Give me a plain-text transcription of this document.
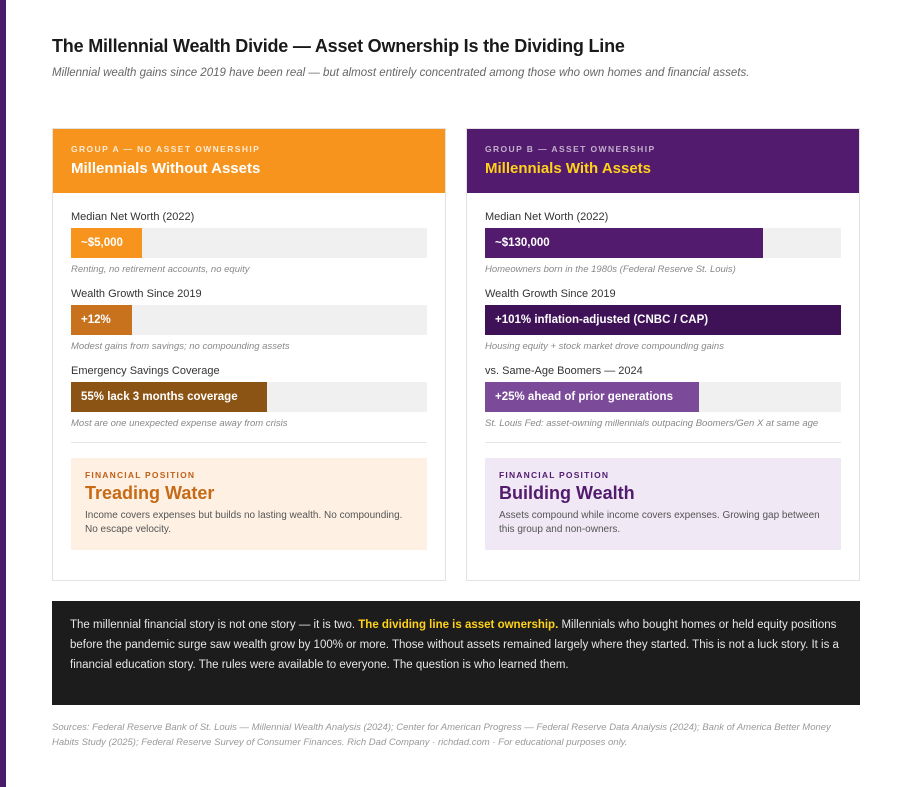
The Millennial Wealth Divide — Asset Ownership Is the Dividing Line
Millennial wealth gains since 2019 have been real — but almost entirely concentrated among those who own homes and financial assets.
GROUP A — NO ASSET OWNERSHIP
Millennials Without Assets
Median Net Worth (2022)
~$5,000
Renting, no retirement accounts, no equity
Wealth Growth Since 2019
+12%
Modest gains from savings; no compounding assets
Emergency Savings Coverage
55% lack 3 months coverage
Most are one unexpected expense away from crisis
FINANCIAL POSITION
Treading Water
Income covers expenses but builds no lasting wealth. No compounding. No escape velocity.
GROUP B — ASSET OWNERSHIP
Millennials With Assets
Median Net Worth (2022)
~$130,000
Homeowners born in the 1980s (Federal Reserve St. Louis)
Wealth Growth Since 2019
+101% inflation-adjusted (CNBC / CAP)
Housing equity + stock market drove compounding gains
vs. Same-Age Boomers — 2024
+25% ahead of prior generations
St. Louis Fed: asset-owning millennials outpacing Boomers/Gen X at same age
FINANCIAL POSITION
Building Wealth
Assets compound while income covers expenses. Growing gap between this group and non-owners.
The millennial financial story is not one story — it is two. The dividing line is asset ownership. Millennials who bought homes or held equity positions before the pandemic surge saw wealth grow by 100% or more. Those without assets remained largely where they started. This is not a luck story. It is a financial education story. The rules were available to everyone. The question is who learned them.
Sources: Federal Reserve Bank of St. Louis — Millennial Wealth Analysis (2024); Center for American Progress — Federal Reserve Data Analysis (2024); Bank of America Better Money Habits Study (2025); Federal Reserve Survey of Consumer Finances. Rich Dad Company · richdad.com · For educational purposes only.
